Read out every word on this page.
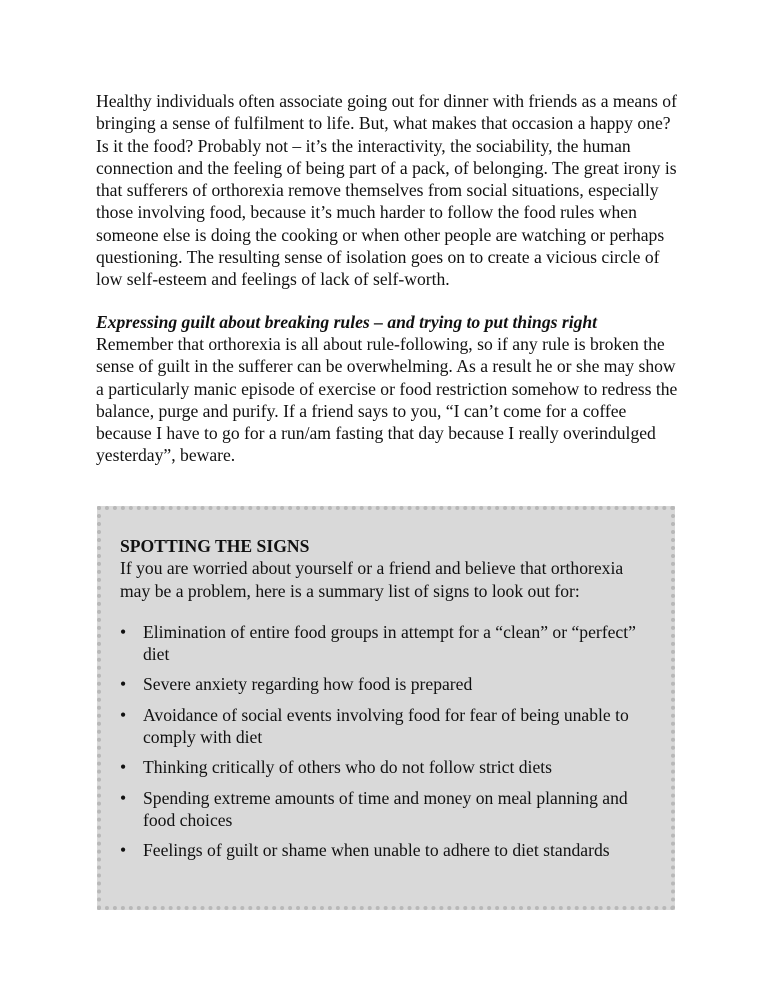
Healthy individuals often associate going out for dinner with friends as a means of bringing a sense of fulfilment to life. But, what makes that occasion a happy one? Is it the food? Probably not – it’s the interactivity, the sociability, the human connection and the feeling of being part of a pack, of belonging. The great irony is that sufferers of orthorexia remove themselves from social situations, especially those involving food, because it’s much harder to follow the food rules when someone else is doing the cooking or when other people are watching or perhaps questioning. The resulting sense of isolation goes on to create a vicious circle of low self-esteem and feelings of lack of self-worth.

Expressing guilt about breaking rules – and trying to put things right

Remember that orthorexia is all about rule-following, so if any rule is broken the sense of guilt in the sufferer can be overwhelming. As a result he or she may show a particularly manic episode of exercise or food restriction somehow to redress the balance, purge and purify. If a friend says to you, “I can’t come for a coffee because I have to go for a run/am fasting that day because I really overindulged yesterday”, beware.

SPOTTING THE SIGNS

If you are worried about yourself or a friend and believe that orthorexia may be a problem, here is a summary list of signs to look out for:

• Elimination of entire food groups in attempt for a “clean” or “perfect” diet
• Severe anxiety regarding how food is prepared
• Avoidance of social events involving food for fear of being unable to comply with diet
• Thinking critically of others who do not follow strict diets
• Spending extreme amounts of time and money on meal planning and food choices
• Feelings of guilt or shame when unable to adhere to diet standards
